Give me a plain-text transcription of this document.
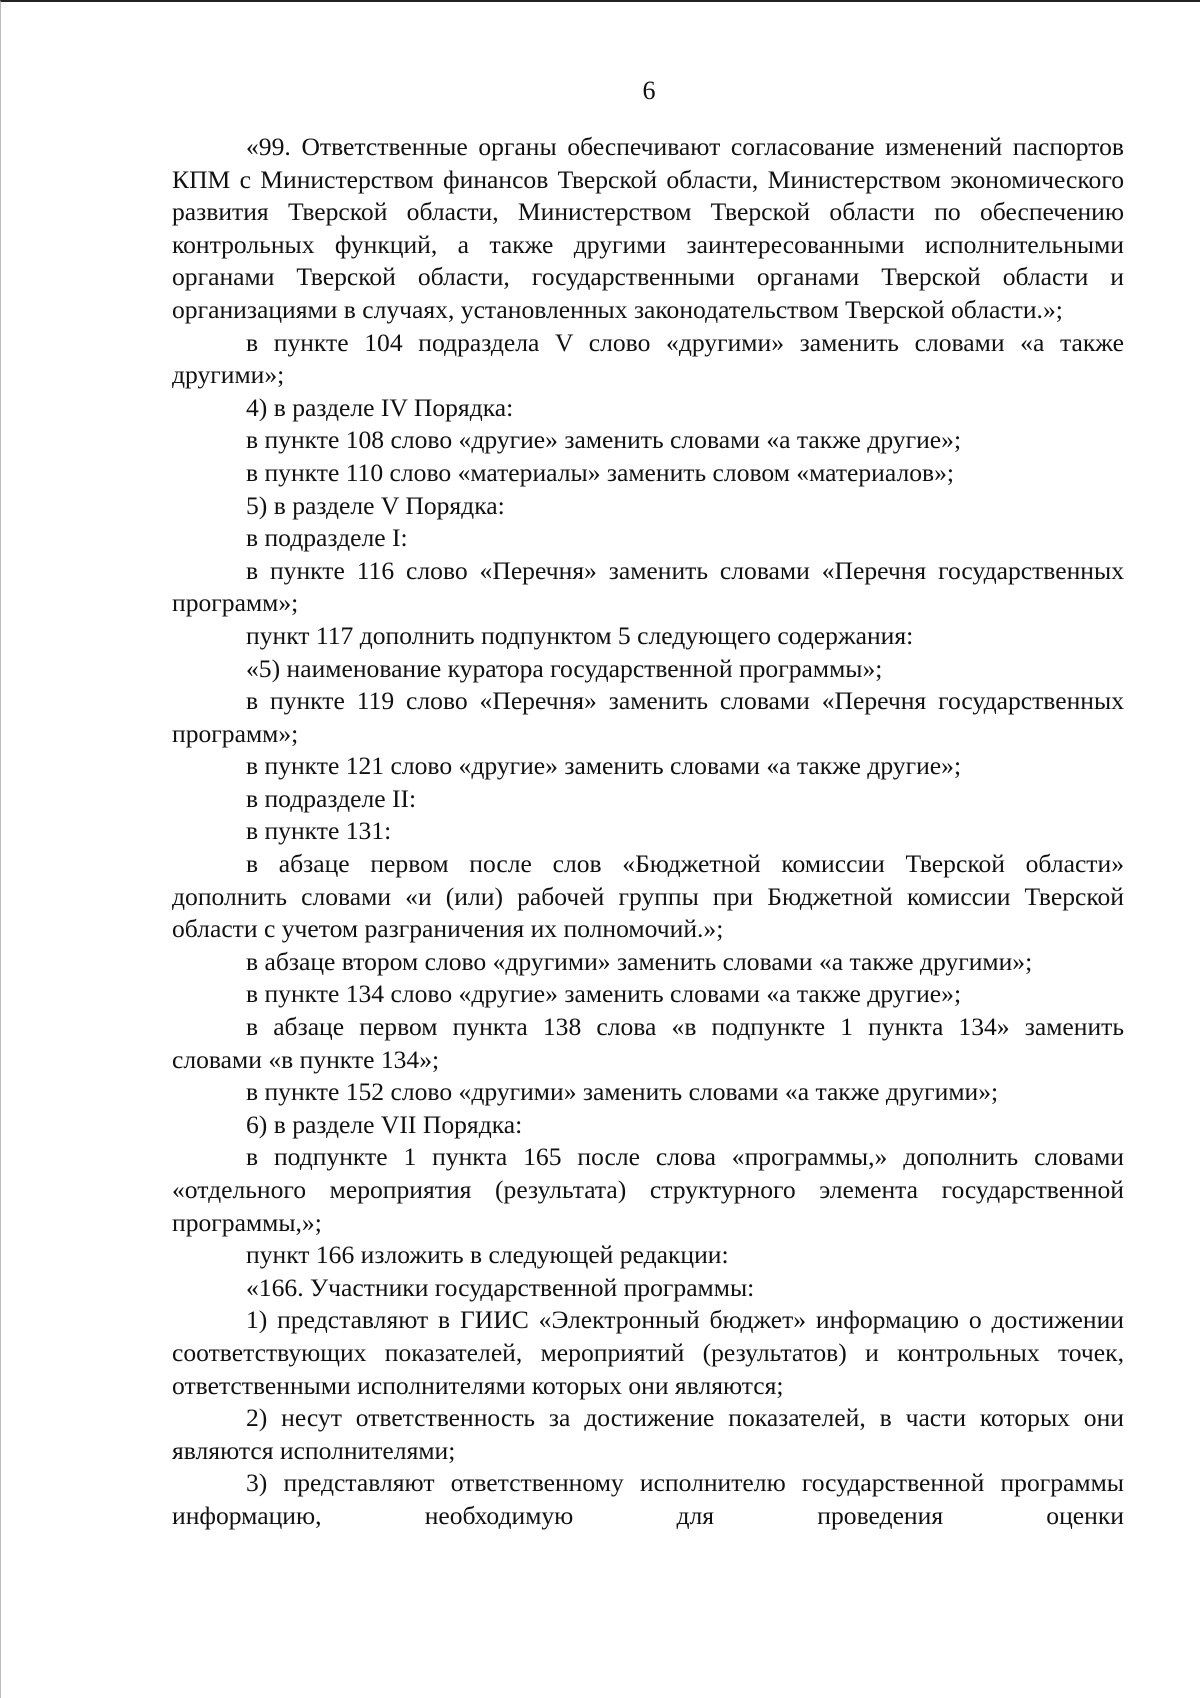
6

«99. Ответственные органы обеспечивают согласование изменений паспортов КПМ с Министерством финансов Тверской области, Министерством экономического развития Тверской области, Министерством Тверской области по обеспечению контрольных функций, а также другими заинтересованными исполнительными органами Тверской области, государственными органами Тверской области и организациями в случаях, установленных законодательством Тверской области.»;

в пункте 104 подраздела V слово «другими» заменить словами «а также другими»;

4) в разделе IV Порядка:

в пункте 108 слово «другие» заменить словами «а также другие»;

в пункте 110 слово «материалы» заменить словом «материалов»;

5) в разделе V Порядка:

в подразделе I:

в пункте 116 слово «Перечня» заменить словами «Перечня государственных программ»;

пункт 117 дополнить подпунктом 5 следующего содержания:

«5) наименование куратора государственной программы»;

в пункте 119 слово «Перечня» заменить словами «Перечня государственных программ»;

в пункте 121 слово «другие» заменить словами «а также другие»;

в подразделе II:

в пункте 131:

в абзаце первом после слов «Бюджетной комиссии Тверской области» дополнить словами «и (или) рабочей группы при Бюджетной комиссии Тверской области с учетом разграничения их полномочий.»;

в абзаце втором слово «другими» заменить словами «а также другими»;

в пункте 134 слово «другие» заменить словами «а также другие»;

в абзаце первом пункта 138 слова «в подпункте 1 пункта 134» заменить словами «в пункте 134»;

в пункте 152 слово «другими» заменить словами «а также другими»;

6) в разделе VII Порядка:

в подпункте 1 пункта 165 после слова «программы,» дополнить словами «отдельного мероприятия (результата) структурного элемента государственной программы,»;

пункт 166 изложить в следующей редакции:

«166. Участники государственной программы:

1) представляют в ГИИС «Электронный бюджет» информацию о достижении соответствующих показателей, мероприятий (результатов) и контрольных точек, ответственными исполнителями которых они являются;

2) несут ответственность за достижение показателей, в части которых они являются исполнителями;

3) представляют ответственному исполнителю государственной программы информацию, необходимую для проведения оценки
